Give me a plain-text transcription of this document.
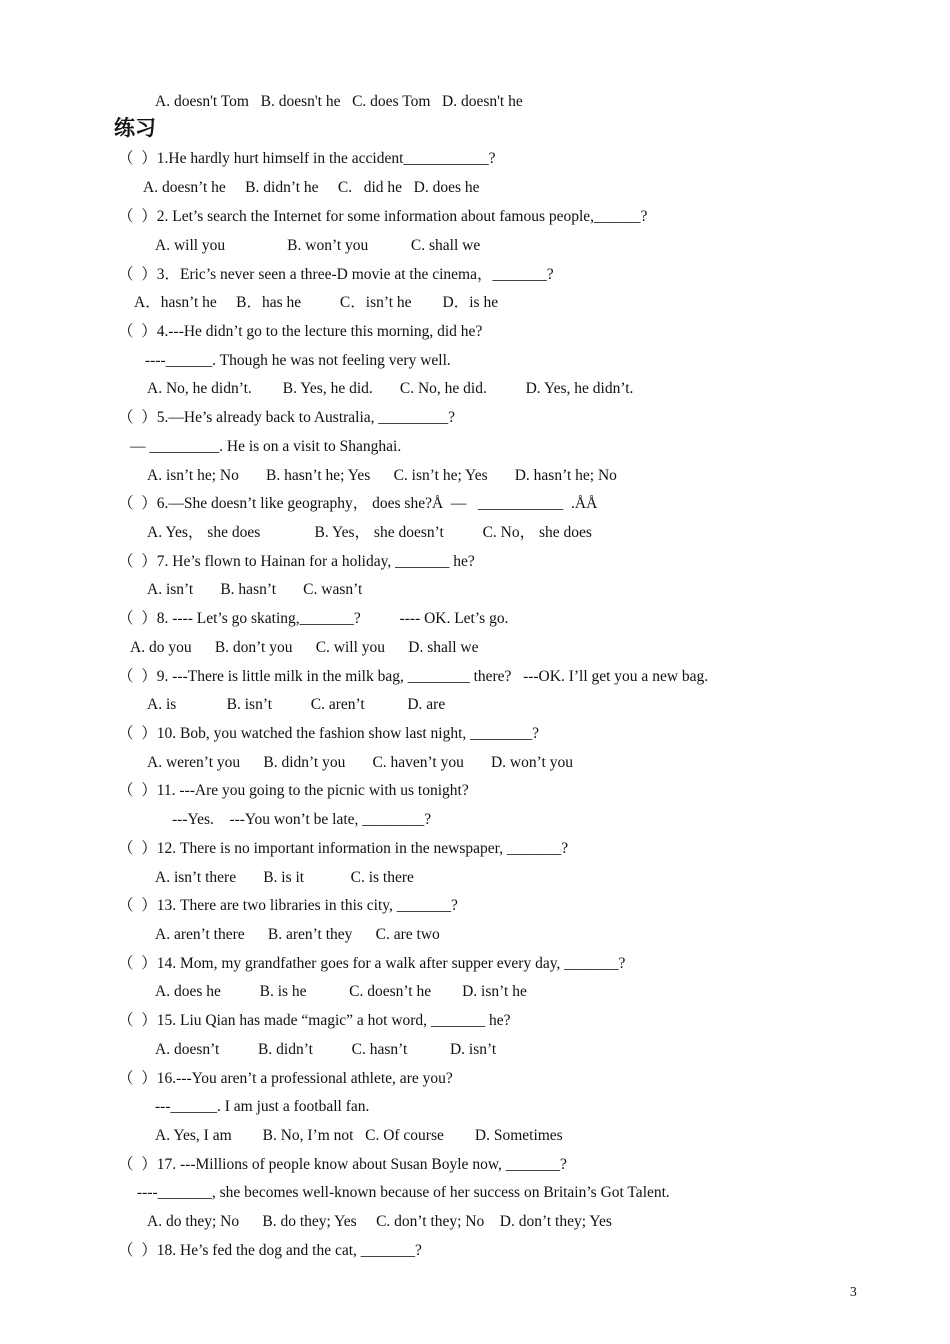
练习
A. doesn't Tom   B. doesn't he   C. does Tom   D. doesn't he
（  ）1.He hardly hurt himself in the accident___________?
A. doesn’t he     B. didn’t he     C.   did he   D. does he
（  ）2. Let’s search the Internet for some information about famous people,______?
A. will you                B. won’t you           C. shall we
（  ）3．Eric’s never seen a three-D movie at the cinema，_______?
A．hasn’t he     B．has he          C．isn’t he        D．is he
（  ）4.---He didn’t go to the lecture this morning, did he?
----______. Though he was not feeling very well.
A. No, he didn’t.        B. Yes, he did.       C. No, he did.          D. Yes, he didn’t.
（  ）5.—He’s already back to Australia, _________?
— _________. He is on a visit to Shanghai.
A. isn’t he; No       B. hasn’t he; Yes      C. isn’t he; Yes       D. hasn’t he; No
（  ）6.—She doesn’t like geography， does she?Å  —   ___________  .ÅÅ
A. Yes， she does              B. Yes， she doesn’t          C. No， she does
（  ）7. He’s flown to Hainan for a holiday, _______ he?
A. isn’t       B. hasn’t       C. wasn’t
（  ）8. ---- Let’s go skating,_______?          ---- OK. Let’s go.
A. do you      B. don’t you      C. will you      D. shall we
（  ）9. ---There is little milk in the milk bag, ________ there?   ---OK. I’ll get you a new bag.
A. is             B. isn’t          C. aren’t           D. are
（  ）10. Bob, you watched the fashion show last night, ________?
A. weren’t you      B. didn’t you       C. haven’t you       D. won’t you
（  ）11. ---Are you going to the picnic with us tonight?
---Yes.    ---You won’t be late, ________?
（  ）12. There is no important information in the newspaper, _______?
A. isn’t there       B. is it            C. is there
（  ）13. There are two libraries in this city, _______?
A. aren’t there      B. aren’t they      C. are two
（  ）14. Mom, my grandfather goes for a walk after supper every day, _______?
A. does he          B. is he           C. doesn’t he        D. isn’t he
（  ）15. Liu Qian has made “magic” a hot word, _______ he?
A. doesn’t          B. didn’t          C. hasn’t           D. isn’t
（  ）16.---You aren’t a professional athlete, are you?
---______. I am just a football fan.
A. Yes, I am        B. No, I’m not   C. Of course        D. Sometimes
（  ）17. ---Millions of people know about Susan Boyle now, _______?
----_______, she becomes well-known because of her success on Britain’s Got Talent.
A. do they; No      B. do they; Yes     C. don’t they; No    D. don’t they; Yes
（  ）18. He’s fed the dog and the cat, _______?
3
